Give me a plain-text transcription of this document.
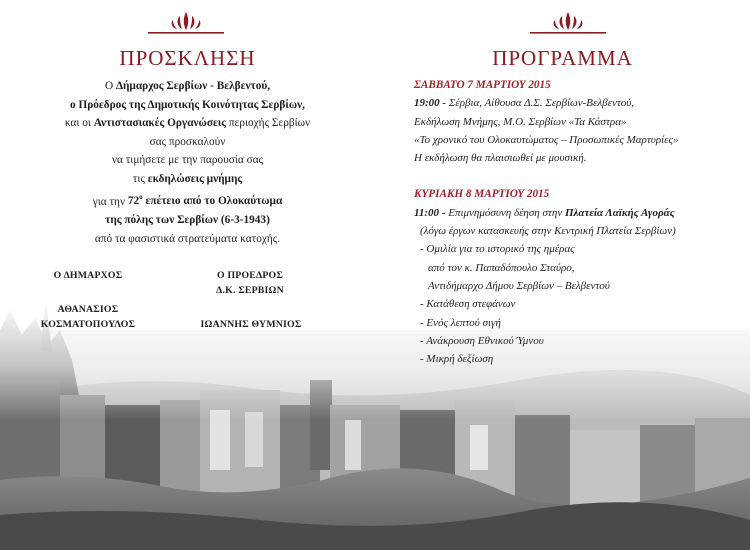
ΠΡΟΣΚΛΗΣΗ	ΠΡΟΓΡΑΜΜΑ
Ο Δήμαρχος Σερβίων - Βελβεντού,
ο Πρόεδρος της Δημοτικής Κοινότητας Σερβίων,
και οι Αντιστασιακές Οργανώσεις περιοχής Σερβίων
σας προσκαλούν
να τιμήσετε με την παρουσία σας
τις εκδηλώσεις μνήμης
για την $72^o$ επέτειο από το Ολοκαύτωμα
της πόλης των Σερβίων (6-3-1943)
από τα φασιστικά στρατεύματα κατοχής.
Ο ΔΗΜΑΡΧΟΣ
ΑΘΑΝΑΣΙΟΣ
ΚΟΣΜΑΤΟΠΟΥΛΟΣ
Ο ΠΡΟΕΔΡΟΣ
Δ.Κ. ΣΕΡΒΙΩΝ
ΙΩΑΝΝΗΣ ΘΥΜΝΙΟΣ
ΣΑΒΒΑΤΟ 7 ΜΑΡΤΙΟΥ 2015
19:00 - Σέρβια, Αίθουσα Δ.Σ. Σερβίων-Βελβεντού,
Εκδήλωση Μνήμης, Μ.Ο. Σερβίων «Τα Κάστρα»
«Το χρονικό του Ολοκαυτώματος – Προσωπικές Μαρτυρίες»
Η εκδήλωση θα πλαισιωθεί με μουσική.
ΚΥΡΙΑΚΗ 8 ΜΑΡΤΙΟΥ 2015
11:00 - Επιμνημόσυνη δέηση στην Πλατεία Λαϊκής Αγοράς
(λόγω έργων κατασκευής στην Κεντρική Πλατεία Σερβίων)
- Ομιλία για το ιστορικό της ημέρας
από τον κ. Παπαδόπουλο Σταύρο,
Αντιδήμαρχο Δήμου Σερβίων – Βελβεντού
- Κατάθεση στεφάνων
- Ενός λεπτού σιγή
- Ανάκρουση Εθνικού Ύμνου
- Μικρή δεξίωση
